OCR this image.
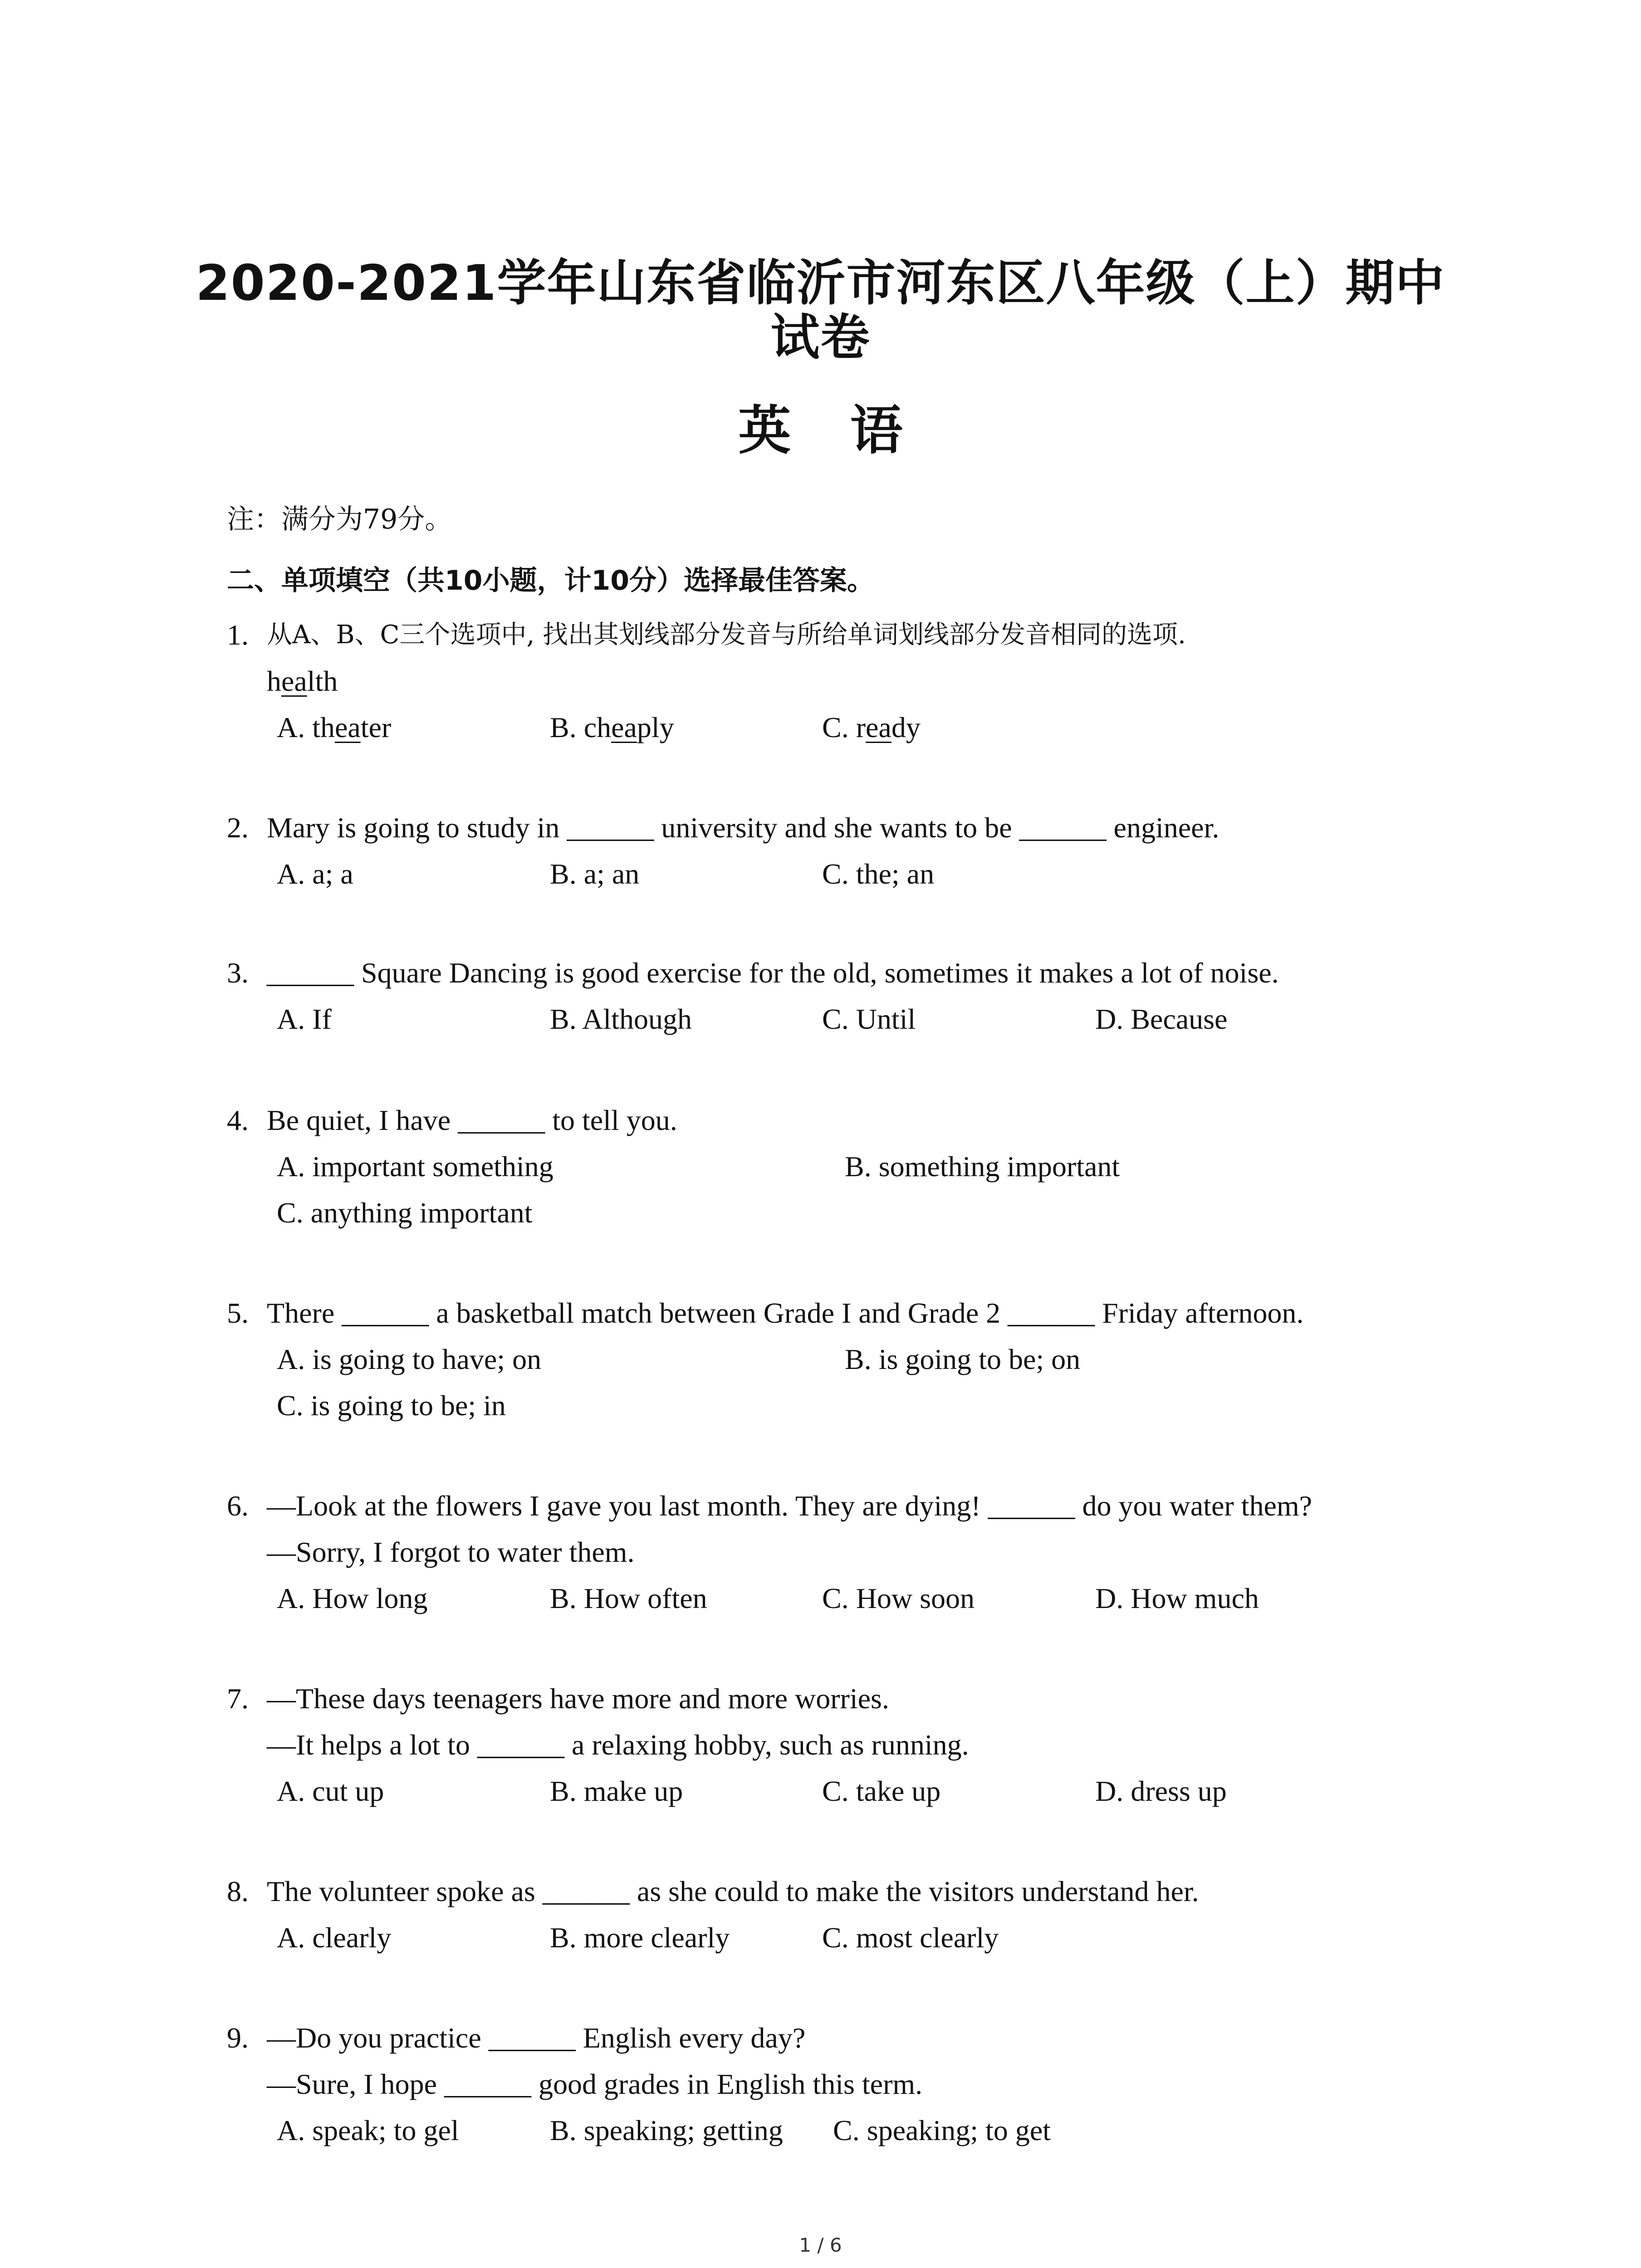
2020-2021学年山东省临沂市河东区八年级（上）期中
试卷
英 语

注：满分为79分。

二、单项填空（共10小题，计10分）选择最佳答案。

1. 从A、B、C三个选项中, 找出其划线部分发音与所给单词划线部分发音相同的选项.
health
A. theater	B. cheaply	C. ready
2. Mary is going to study in ______ university and she wants to be ______ engineer.
A. a; a	B. a; an	C. the; an
3. ______ Square Dancing is good exercise for the old, sometimes it makes a lot of noise.
A. If	B. Although	C. Until	D. Because
4. Be quiet, I have ______ to tell you.
A. important something	B. something important
C. anything important
5. There ______ a basketball match between Grade I and Grade 2 ______ Friday afternoon.
A. is going to have; on	B. is going to be; on
C. is going to be; in
6. —Look at the flowers I gave you last month. They are dying! ______ do you water them?
—Sorry, I forgot to water them.
A. How long	B. How often	C. How soon	D. How much
7. —These days teenagers have more and more worries.
—It helps a lot to ______ a relaxing hobby, such as running.
A. cut up	B. make up	C. take up	D. dress up
8. The volunteer spoke as ______ as she could to make the visitors understand her.
A. clearly	B. more clearly	C. most clearly
9. —Do you practice ______ English every day?
—Sure, I hope ______ good grades in English this term.
A. speak; to gel	B. speaking; getting C. speaking; to get
1 / 6
